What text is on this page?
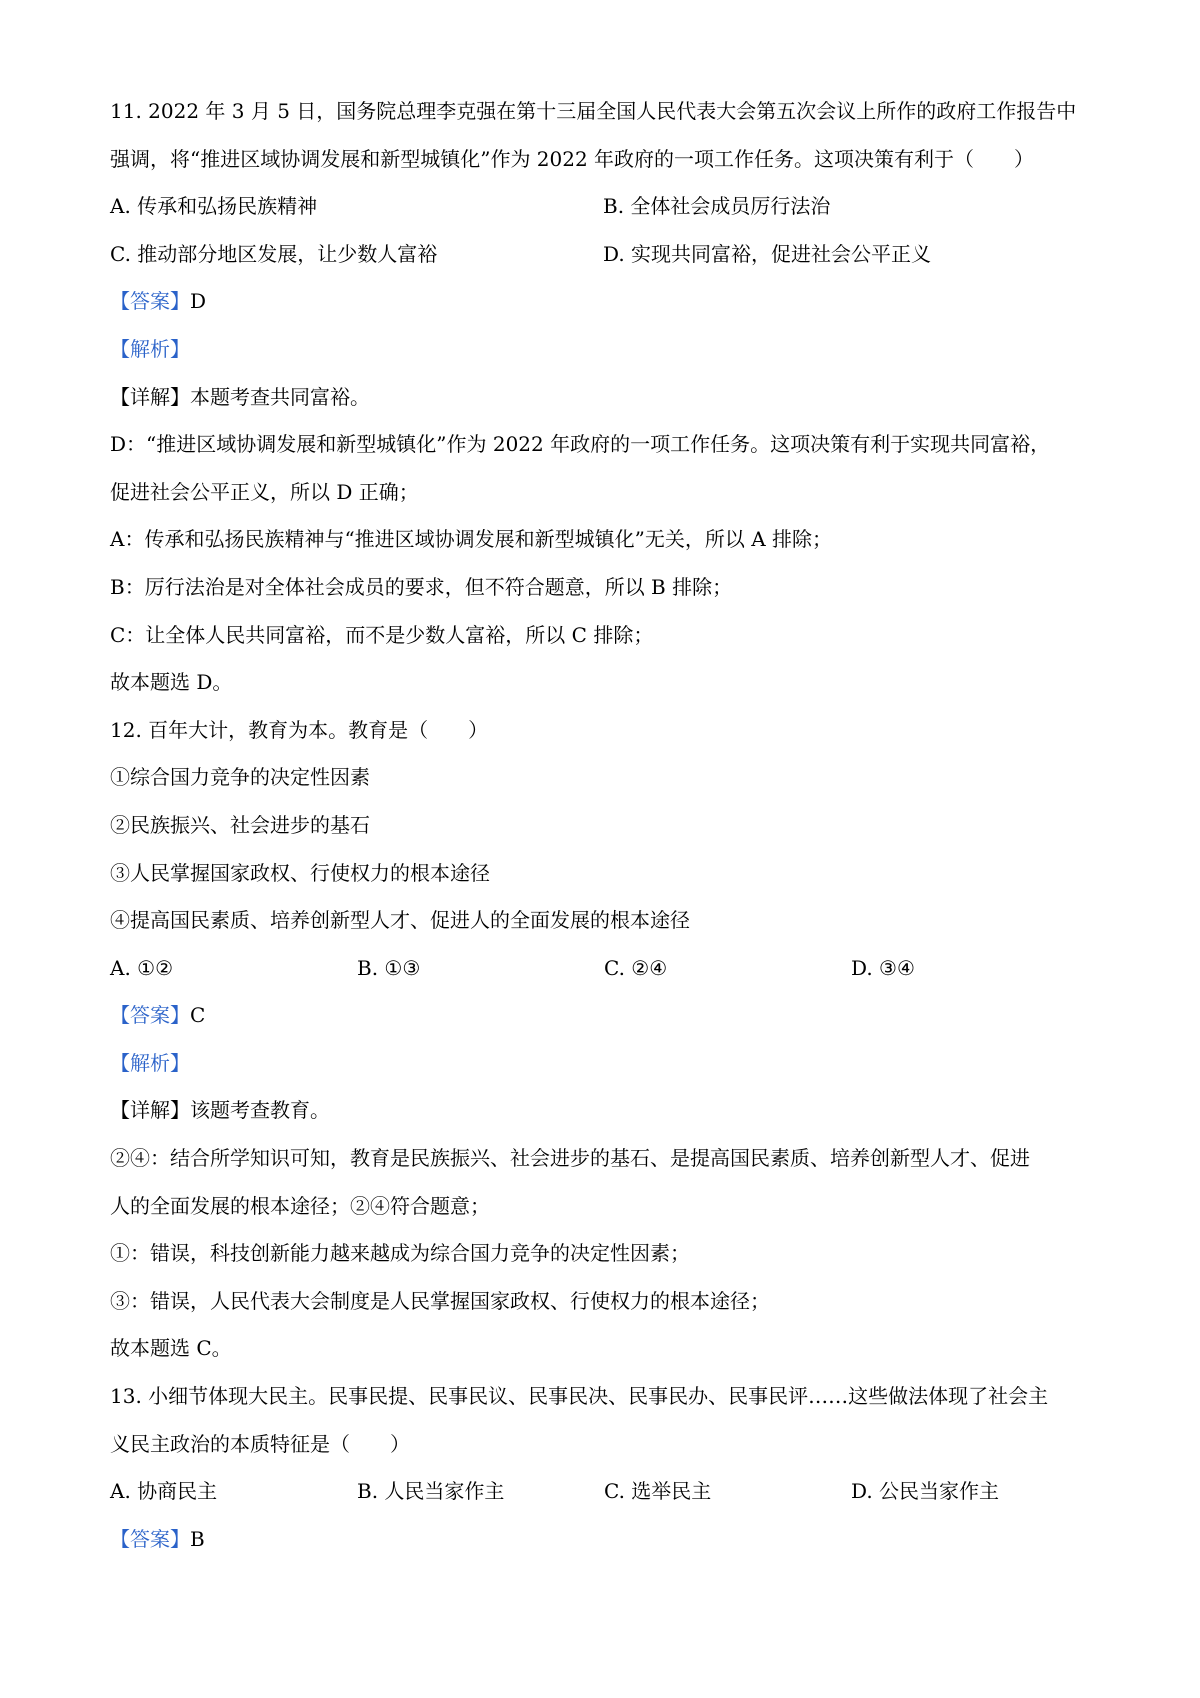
11. 2022 年 3 月 5 日，国务院总理李克强在第十三届全国人民代表大会第五次会议上所作的政府工作报告中
强调，将“推进区域协调发展和新型城镇化”作为 2022 年政府的一项工作任务。这项决策有利于（　　）
A. 传承和弘扬民族精神	B. 全体社会成员厉行法治
C. 推动部分地区发展，让少数人富裕	D. 实现共同富裕，促进社会公平正义
【答案】D
【解析】
【详解】本题考查共同富裕。
D：“推进区域协调发展和新型城镇化”作为 2022 年政府的一项工作任务。这项决策有利于实现共同富裕，
促进社会公平正义，所以 D 正确；
A：传承和弘扬民族精神与“推进区域协调发展和新型城镇化”无关，所以 A 排除；
B：厉行法治是对全体社会成员的要求，但不符合题意，所以 B 排除；
C：让全体人民共同富裕，而不是少数人富裕，所以 C 排除；
故本题选 D。
12. 百年大计，教育为本。教育是（　　）
①综合国力竞争的决定性因素
②民族振兴、社会进步的基石
③人民掌握国家政权、行使权力的根本途径
④提高国民素质、培养创新型人才、促进人的全面发展的根本途径
A. ①②	B. ①③	C. ②④	D. ③④
【答案】C
【解析】
【详解】该题考查教育。
②④：结合所学知识可知，教育是民族振兴、社会进步的基石、是提高国民素质、培养创新型人才、促进
人的全面发展的根本途径；②④符合题意；
①：错误，科技创新能力越来越成为综合国力竞争的决定性因素；
③：错误，人民代表大会制度是人民掌握国家政权、行使权力的根本途径；
故本题选 C。
13. 小细节体现大民主。民事民提、民事民议、民事民决、民事民办、民事民评……这些做法体现了社会主
义民主政治的本质特征是（　　）
A. 协商民主	B. 人民当家作主	C. 选举民主	D. 公民当家作主
【答案】B
